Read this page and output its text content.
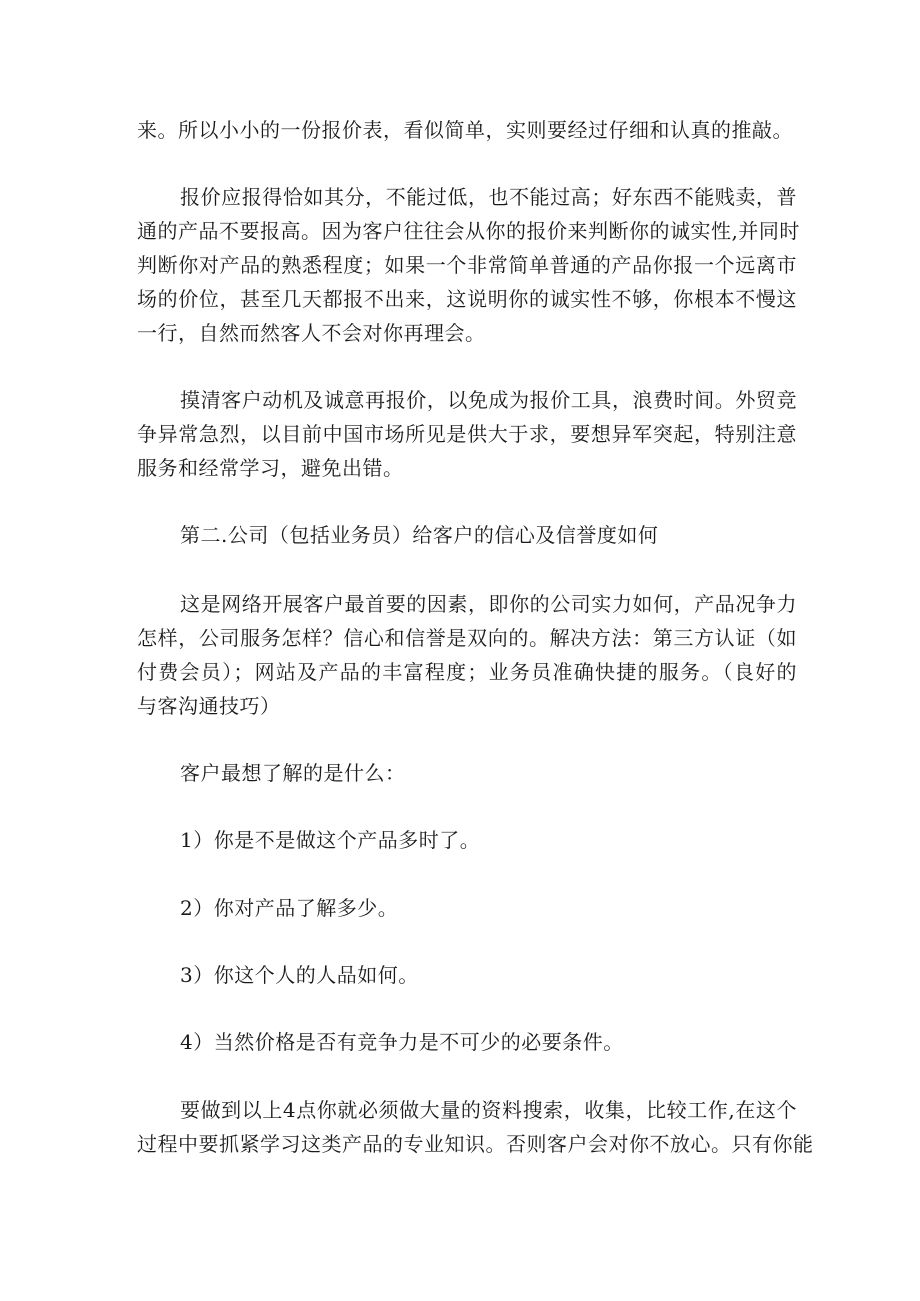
来。所以小小的一份报价表，看似简单，实则要经过仔细和认真的推敲。
报价应报得恰如其分，不能过低，也不能过高；好东西不能贱卖，普
通的产品不要报高。因为客户往往会从你的报价来判断你的诚实性,并同时
判断你对产品的熟悉程度；如果一个非常简单普通的产品你报一个远离市
场的价位，甚至几天都报不出来，这说明你的诚实性不够，你根本不慢这
一行，自然而然客人不会对你再理会。
摸清客户动机及诚意再报价，以免成为报价工具，浪费时间。外贸竞
争异常急烈，以目前中国市场所见是供大于求，要想异军突起，特别注意
服务和经常学习，避免出错。
第二.公司（包括业务员）给客户的信心及信誉度如何
这是网络开展客户最首要的因素，即你的公司实力如何，产品况争力
怎样，公司服务怎样？信心和信誉是双向的。解决方法：第三方认证（如
付费会员）；网站及产品的丰富程度；业务员准确快捷的服务。（良好的
与客沟通技巧）
客户最想了解的是什么：
1）你是不是做这个产品多时了。
2）你对产品了解多少。
3）你这个人的人品如何。
4）当然价格是否有竞争力是不可少的必要条件。
要做到以上4点你就必须做大量的资料搜索，收集，比较工作,在这个
过程中要抓紧学习这类产品的专业知识。否则客户会对你不放心。只有你能
